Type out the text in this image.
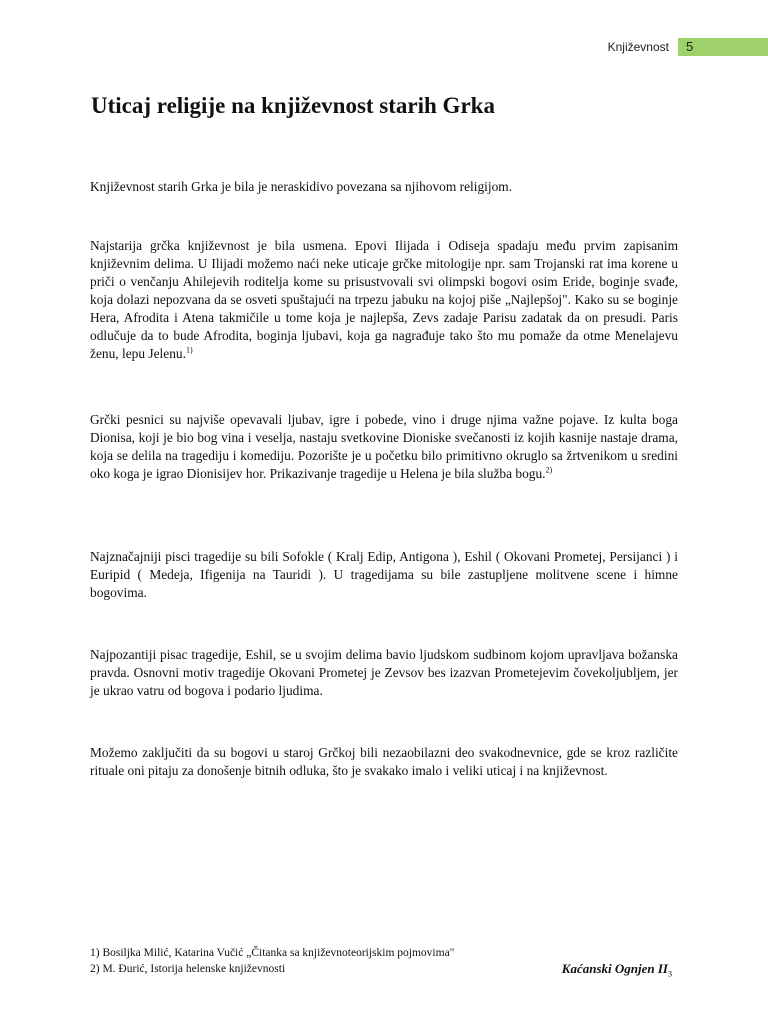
Književnost	5
Uticaj religije na književnost starih Grka

Književnost starih Grka je bila je neraskidivo povezana sa njihovom religijom.

Najstarija grčka književnost je bila usmena. Epovi Ilijada i Odiseja spadaju među prvim zapisanim književnim delima. U Ilijadi možemo naći neke uticaje grčke mitologije npr. sam Trojanski rat ima korene u priči o venčanju Ahilejevih roditelja kome su prisustvovali svi olimpski bogovi osim Eride, boginje svađe, koja dolazi nepozvana da se osveti spuštajući na trpezu jabuku na kojoj piše „Najlepšoj". Kako su se boginje Hera, Afrodita i Atena takmičile u tome koja je najlepša, Zevs zadaje Parisu zadatak da on presudi. Paris odlučuje da to bude Afrodita, boginja ljubavi, koja ga nagrađuje tako što mu pomaže da otme Menelajevu ženu, lepu Jelenu.$^{1)}$

Grčki pesnici su najviše opevavali ljubav, igre i pobede, vino i druge njima važne pojave. Iz kulta boga Dionisa, koji je bio bog vina i veselja, nastaju svetkovine Dioniske svečanosti iz kojih kasnije nastaje drama, koja se delila na tragediju i komediju. Pozorište je u početku bilo primitivno okruglo sa žrtvenikom u sredini oko koga je igrao Dionisijev hor. Prikazivanje tragedije u Helena je bila služba bogu.$^{2)}$

Najznačajniji pisci tragedije su bili Sofokle ( Kralj Edip, Antigona ), Eshil ( Okovani Prometej, Persijanci ) i Euripid ( Medeja, Ifigenija na Tauridi ). U tragedijama su bile zastupljene molitvene scene i himne bogovima.

Najpozantiji pisac tragedije, Eshil, se u svojim delima bavio ljudskom sudbinom kojom upravljava božanska pravda. Osnovni motiv tragedije Okovani Prometej je Zevsov bes izazvan Prometejevim čovekoljubljem, jer je ukrao vatru od bogova i podario ljudima.

Možemo zaključiti da su bogovi u staroj Grčkoj bili nezaobilazni deo svakodnevnice, gde se kroz različite rituale oni pitaju za donošenje bitnih odluka, što je svakako imalo i veliki uticaj i na književnost.

1) Bosiljka Milić, Katarina Vučić „Čitanka sa književnoteorijskim pojmovima"
2) M. Đurić, Istorija helenske književnosti	Kaćanski Ognjen $II_3$
